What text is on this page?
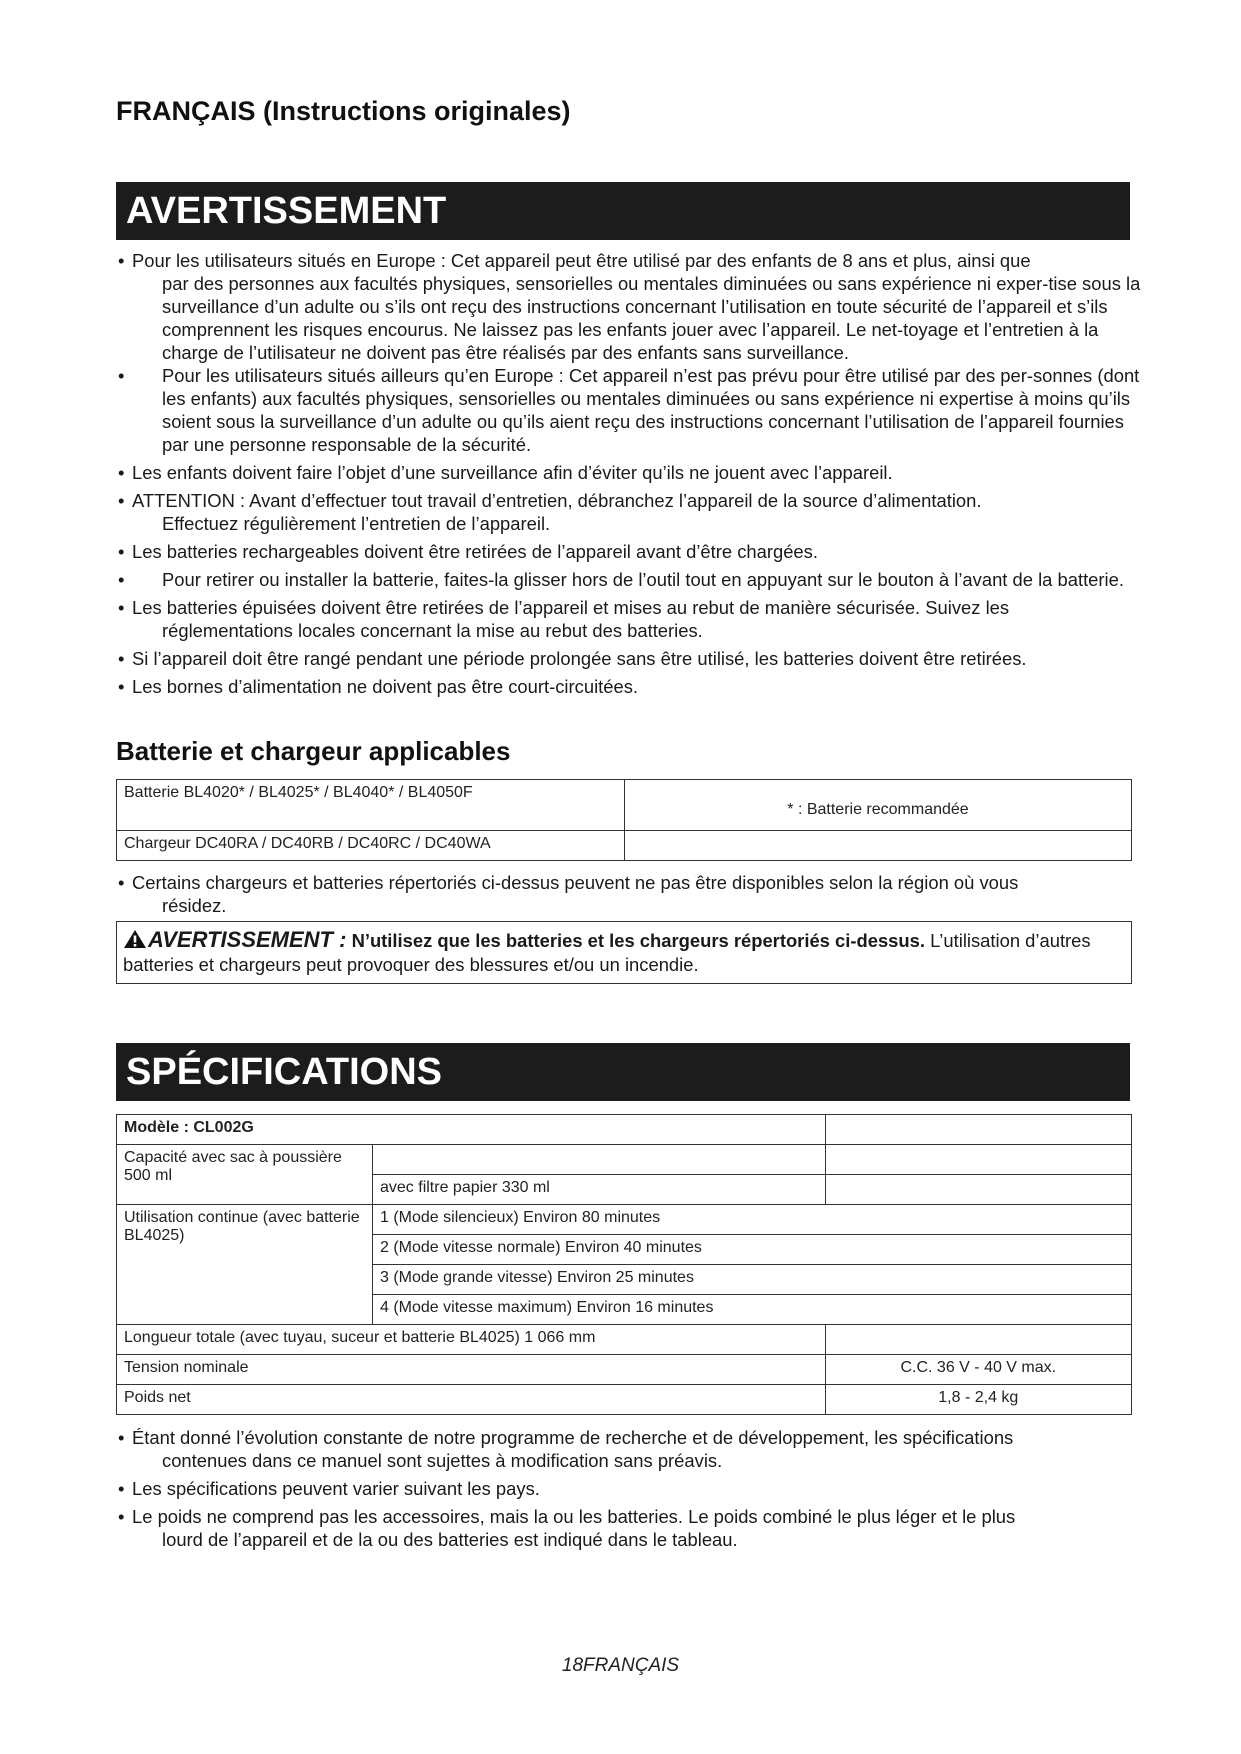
FRANÇAIS (Instructions originales)
AVERTISSEMENT
• Pour les utilisateurs situés en Europe : Cet appareil peut être utilisé par des enfants de 8 ans et plus, ainsi que
par des personnes aux facultés physiques, sensorielles ou mentales diminuées ou sans expérience ni exper-tise sous la surveillance d’un adulte ou s’ils ont reçu des instructions concernant l’utilisation en toute sécurité de l’appareil et s’ils comprennent les risques encourus. Ne laissez pas les enfants jouer avec l’appareil. Le net-toyage et l’entretien à la charge de l’utilisateur ne doivent pas être réalisés par des enfants sans surveillance.
•	Pour les utilisateurs situés ailleurs qu’en Europe : Cet appareil n’est pas prévu pour être utilisé par des per-sonnes (dont les enfants) aux facultés physiques, sensorielles ou mentales diminuées ou sans expérience ni expertise à moins qu’ils soient sous la surveillance d’un adulte ou qu’ils aient reçu des instructions concernant l’utilisation de l’appareil fournies par une personne responsable de la sécurité.
• Les enfants doivent faire l’objet d’une surveillance afin d’éviter qu’ils ne jouent avec l’appareil.
• ATTENTION : Avant d’effectuer tout travail d’entretien, débranchez l’appareil de la source d’alimentation.
Effectuez régulièrement l’entretien de l’appareil.
• Les batteries rechargeables doivent être retirées de l’appareil avant d’être chargées.
•	Pour retirer ou installer la batterie, faites-la glisser hors de l’outil tout en appuyant sur le bouton à l’avant de la batterie.
• Les batteries épuisées doivent être retirées de l’appareil et mises au rebut de manière sécurisée. Suivez les
réglementations locales concernant la mise au rebut des batteries.
• Si l’appareil doit être rangé pendant une période prolongée sans être utilisé, les batteries doivent être retirées.
• Les bornes d’alimentation ne doivent pas être court-circuitées.
Batterie et chargeur applicables
Batterie BL4020* / BL4025* / BL4040* / BL4050F	* : Batterie recommandée
Chargeur DC40RA / DC40RB / DC40RC / DC40WA	
• Certains chargeurs et batteries répertoriés ci-dessus peuvent ne pas être disponibles selon la région où vous
résidez.
AVERTISSEMENT : N’utilisez que les batteries et les chargeurs répertoriés ci-dessus. L’utilisation d’autres batteries et chargeurs peut provoquer des blessures et/ou un incendie.
SPÉCIFICATIONS
Modèle : CL002G		
Capacité avec sac à poussière 500 ml		
	avec filtre papier 330 ml	
Utilisation continue (avec batterie BL4025)	1 (Mode silencieux) Environ 80 minutes	
	2 (Mode vitesse normale) Environ 40 minutes	
	3 (Mode grande vitesse) Environ 25 minutes	
	4 (Mode vitesse maximum) Environ 16 minutes	
Longueur totale (avec tuyau, suceur et batterie BL4025) 1 066 mm		
Tension nominale		C.C. 36 V - 40 V max.
Poids net		1,8 - 2,4 kg
• Étant donné l’évolution constante de notre programme de recherche et de développement, les spécifications
contenues dans ce manuel sont sujettes à modification sans préavis.
• Les spécifications peuvent varier suivant les pays.
• Le poids ne comprend pas les accessoires, mais la ou les batteries. Le poids combiné le plus léger et le plus
lourd de l’appareil et de la ou des batteries est indiqué dans le tableau.
18FRANÇAIS
